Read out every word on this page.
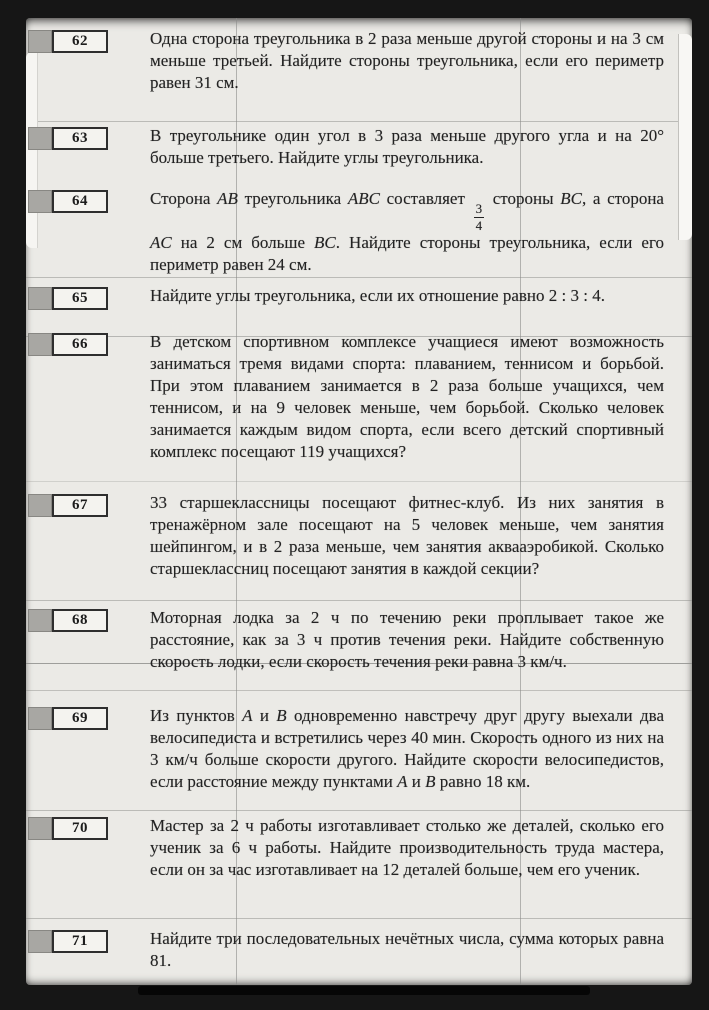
62	Одна сторона треугольника в 2 раза меньше другой стороны и на 3 см меньше третьей. Найдите стороны треугольника, если его периметр равен 31 см.
63	В треугольнике один угол в 3 раза меньше другого угла и на 20° больше третьего. Найдите углы треугольника.
64	Сторона AB треугольника ABC составляет
$\frac{3}{4}$
стороны BC, а сторона AC на 2 см больше BC. Найдите стороны треугольника, если его периметр равен 24 см.
65	Найдите углы треугольника, если их отношение равно 2 : 3 : 4.
66	В детском спортивном комплексе учащиеся имеют возможность заниматься тремя видами спорта: плаванием, теннисом и борьбой. При этом плаванием занимается в 2 раза больше учащихся, чем теннисом, и на 9 человек меньше, чем борьбой. Сколько человек занимается каждым видом спорта, если всего детский спортивный комплекс посещают 119 учащихся?
67	33 старшеклассницы посещают фитнес-клуб. Из них занятия в тренажёрном зале посещают на 5 человек меньше, чем занятия шейпингом, и в 2 раза меньше, чем занятия аквааэробикой. Сколько старшеклассниц посещают занятия в каждой секции?
68	Моторная лодка за 2 ч по течению реки проплывает такое же расстояние, как за 3 ч против течения реки. Найдите собственную скорость лодки, если скорость течения реки равна 3 км/ч.
69	Из пунктов A и B одновременно навстречу друг другу выехали два велосипедиста и встретились через 40 мин. Скорость одного из них на 3 км/ч больше скорости другого. Найдите скорости велосипедистов, если расстояние между пунктами A и B равно 18 км.
70	Мастер за 2 ч работы изготавливает столько же деталей, сколько его ученик за 6 ч работы. Найдите производительность труда мастера, если он за час изготавливает на 12 деталей больше, чем его ученик.
71	Найдите три последовательных нечётных числа, сумма которых равна 81.
